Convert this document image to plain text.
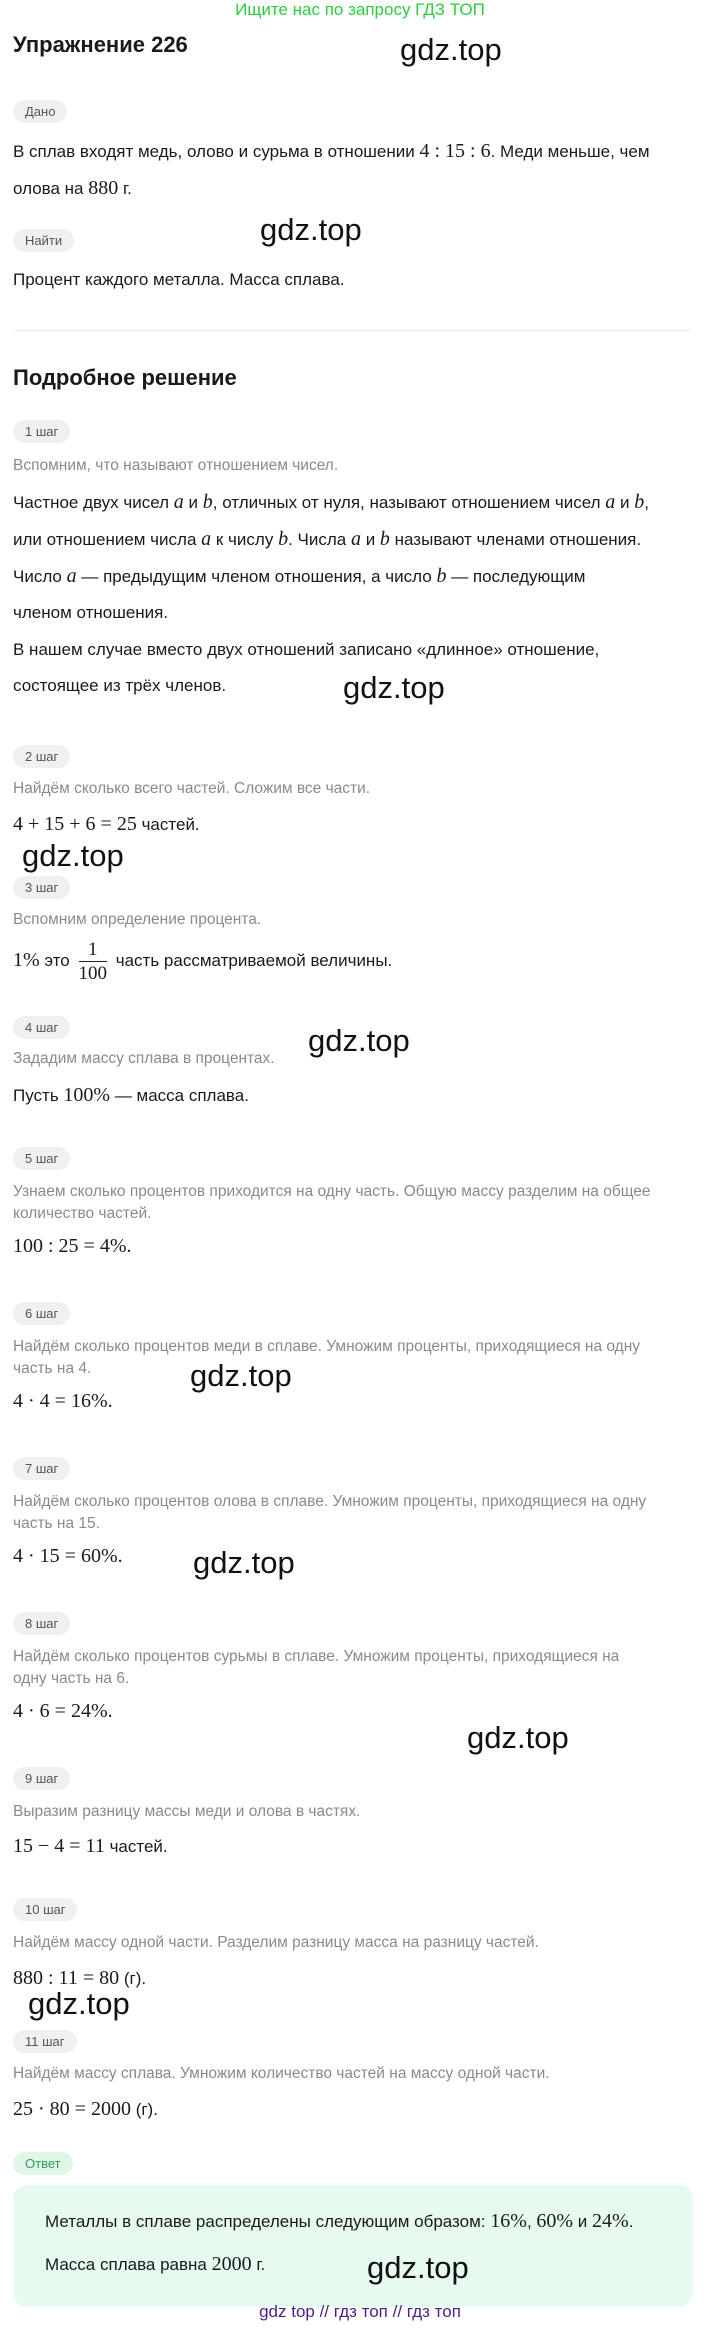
Ищите нас по запросу ГДЗ ТОП
Упражнение 226
Дано
В сплав входят медь, олово и сурьма в отношении 4 : 15 : 6. Меди меньше, чем
олова на 880 г.
Найти
Процент каждого металла. Масса сплава.
Подробное решение
1 шаг
Вспомним, что называют отношением чисел.
Частное двух чисел a и b, отличных от нуля, называют отношением чисел a и b,
или отношением числа a к числу b. Числа a и b называют членами отношения.
Число a — предыдущим членом отношения, а число b — последующим
членом отношения.
В нашем случае вместо двух отношений записано «длинное» отношение,
состоящее из трёх членов.
2 шаг
Найдём сколько всего частей. Сложим все части.
4 + 15 + 6 = 25 частей.
3 шаг
Вспомним определение процента.
1% это $\frac{1}{100}$ часть рассматриваемой величины.
4 шаг
Зададим массу сплава в процентах.
Пусть 100% — масса сплава.
5 шаг
Узнаем сколько процентов приходится на одну часть. Общую массу разделим на общее
количество частей.
100 : 25 = 4%.
6 шаг
Найдём сколько процентов меди в сплаве. Умножим проценты, приходящиеся на одну
часть на 4.
4 · 4 = 16%.
7 шаг
Найдём сколько процентов олова в сплаве. Умножим проценты, приходящиеся на одну
часть на 15.
4 · 15 = 60%.
8 шаг
Найдём сколько процентов сурьмы в сплаве. Умножим проценты, приходящиеся на
одну часть на 6.
4 · 6 = 24%.
9 шаг
Выразим разницу массы меди и олова в частях.
15 − 4 = 11 частей.
10 шаг
Найдём массу одной части. Разделим разницу масса на разницу частей.
880 : 11 = 80 (г).
11 шаг
Найдём массу сплава. Умножим количество частей на массу одной части.
25 · 80 = 2000 (г).
Ответ
Металлы в сплаве распределены следующим образом: 16%, 60% и 24%.
Масса сплава равна 2000 г.
gdz.top
gdz.top
gdz.top
gdz.top
gdz.top
gdz.top
gdz.top
gdz.top
gdz.top
gdz.top
gdz top // гдз топ // гдз топ
